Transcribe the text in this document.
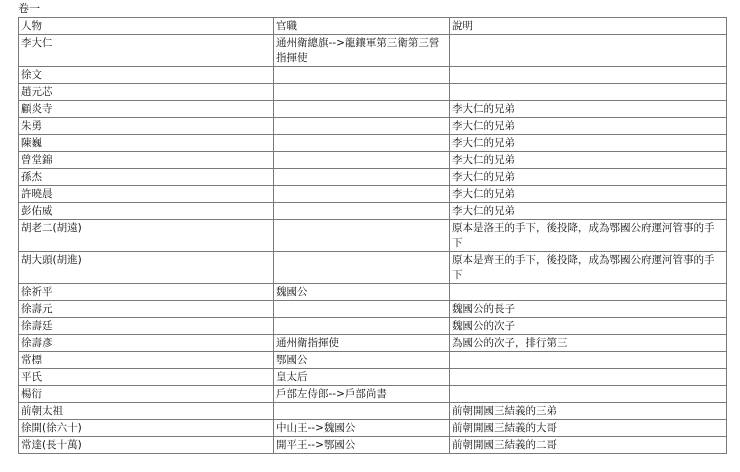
卷一
人物	官職	說明
李大仁	通州衛總旗-->龍鑲軍第三衛第三營指揮使	
徐文		
趙元芯		
顧炎寺		李大仁的兄弟
朱勇		李大仁的兄弟
陳巍		李大仁的兄弟
曾堂錦		李大仁的兄弟
孫杰		李大仁的兄弟
許曉晨		李大仁的兄弟
彭佑威		李大仁的兄弟
胡老二(胡遠)		原本是洛王的手下，後投降，成為鄂國公府運河管事的手下
胡大頭(胡進)		原本是齊王的手下，後投降，成為鄂國公府運河管事的手下
徐祈平	魏國公	
徐壽元		魏國公的長子
徐壽廷		魏國公的次子
徐壽彥	通州衛指揮使	為國公的次子，排行第三
常標	鄂國公	
平氏	皇太后	
楊衍	戶部左侍郎-->戶部尚書	
前朝太祖		前朝開國三結義的三弟
徐開(徐六十)	中山王-->魏國公	前朝開國三結義的大哥
常達(長十萬)	開平王-->鄂國公	前朝開國三結義的二哥
